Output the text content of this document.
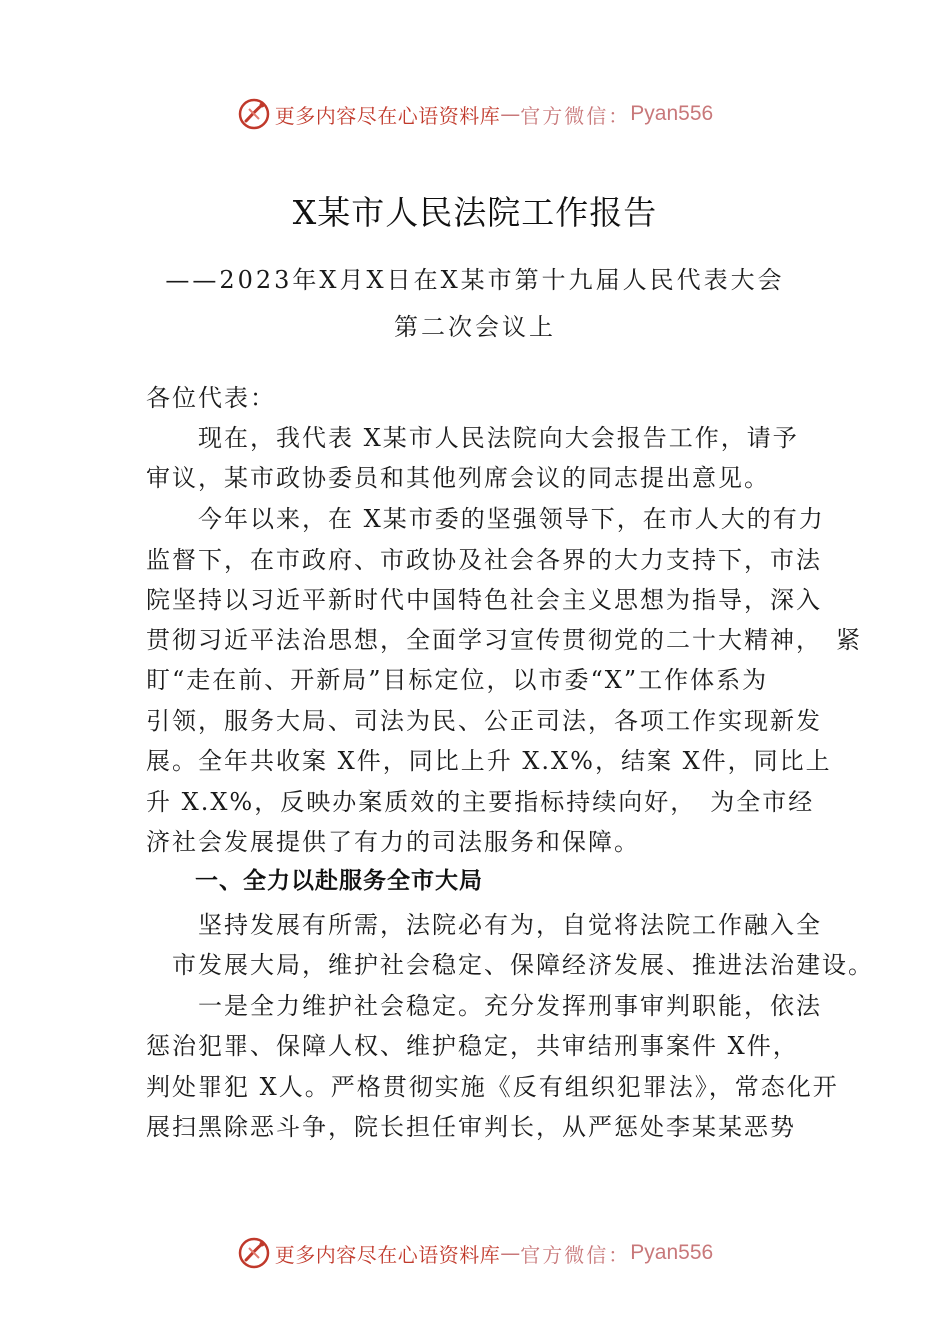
更多内容尽在心语资料库 — 官方微信： Pyan556
X某市人民法院工作报告
——2023年X月X日在X某市第十九届人民代表大会
第二次会议上
各位代表：
　　现在，我代表 X某市人民法院向大会报告工作，请予
审议，某市政协委员和其他列席会议的同志提出意见。
　　今年以来，在 X某市委的坚强领导下，在市人大的有力
监督下，在市政府、市政协及社会各界的大力支持下，市法
院坚持以习近平新时代中国特色社会主义思想为指导，深入
贯彻习近平法治思想，全面学习宣传贯彻党的二十大精神，　紧
盯“走在前、开新局”目标定位，以市委“X”工作体系为
引领，服务大局、司法为民、公正司法，各项工作实现新发
展。全年共收案 X件，同比上升 X.X%，结案 X件，同比上
升 X.X%，反映办案质效的主要指标持续向好，　为全市经
济社会发展提供了有力的司法服务和保障。
一、全力以赴服务全市大局
　　坚持发展有所需，法院必有为，自觉将法院工作融入全
　市发展大局，维护社会稳定、保障经济发展、推进法治建设。
　　一是全力维护社会稳定。充分发挥刑事审判职能，依法
惩治犯罪、保障人权、维护稳定，共审结刑事案件 X件，
判处罪犯 X人。严格贯彻实施《反有组织犯罪法》，常态化开
展扫黑除恶斗争，院长担任审判长，从严惩处李某某恶势
更多内容尽在心语资料库 — 官方微信： Pyan556
